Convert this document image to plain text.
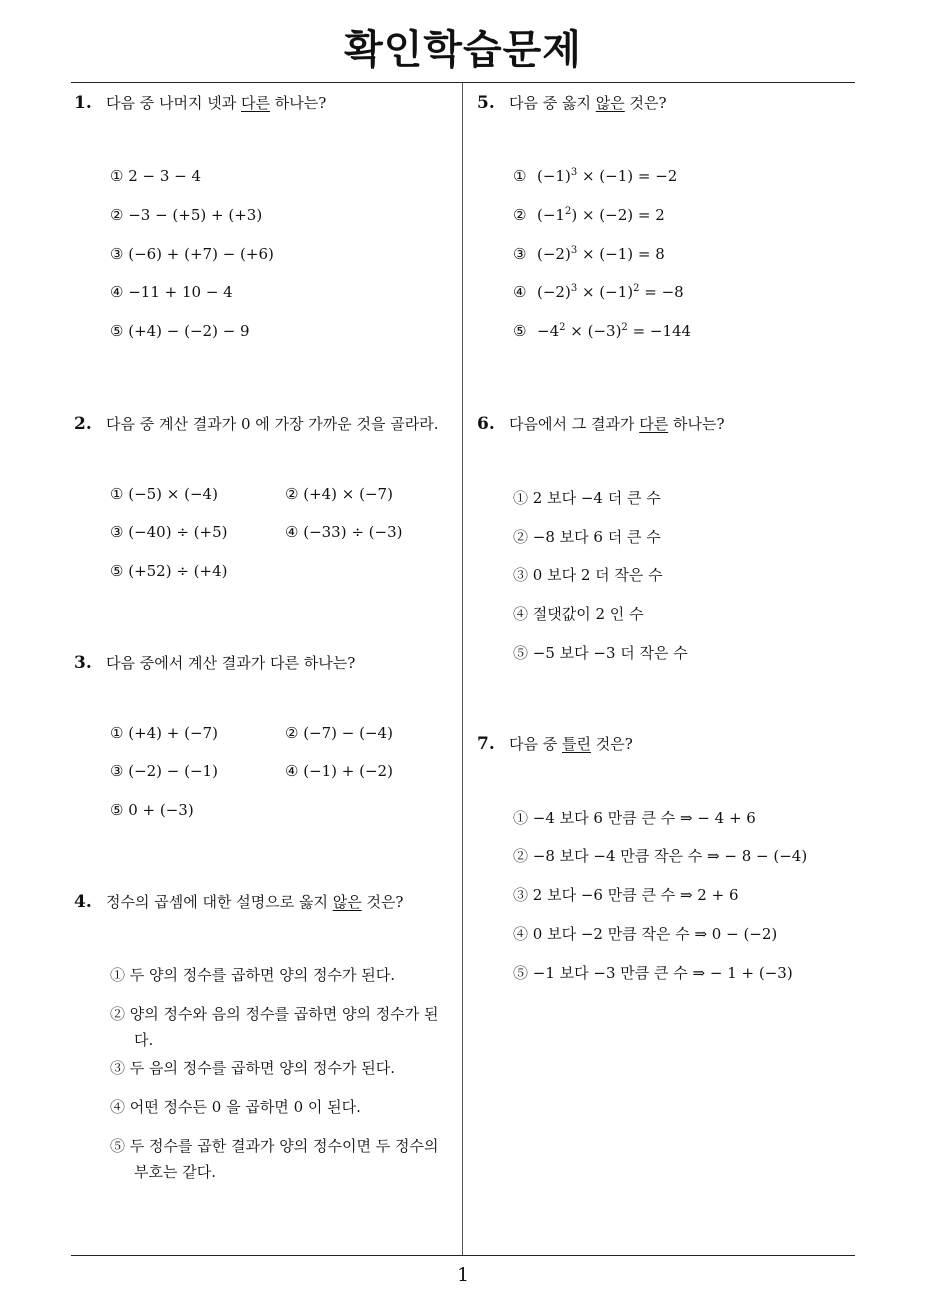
확인학습문제
1. 다음 중 나머지 넷과 다른 하나는?
① 2 − 3 − 4
② −3 − (+5) + (+3)
③ (−6) + (+7) − (+6)
④ −11 + 10 − 4
⑤ (+4) − (−2) − 9
2. 다음 중 계산 결과가 0 에 가장 가까운 것을 골라라.
① (−5) × (−4)	② (+4) × (−7)
③ (−40) ÷ (+5)	④ (−33) ÷ (−3)
⑤ (+52) ÷ (+4)
3. 다음 중에서 계산 결과가 다른 하나는?
① (+4) + (−7)	② (−7) − (−4)
③ (−2) − (−1)	④ (−1) + (−2)
⑤ 0 + (−3)
4. 정수의 곱셈에 대한 설명으로 옳지 않은 것은?
① 두 양의 정수를 곱하면 양의 정수가 된다.
② 양의 정수와 음의 정수를 곱하면 양의 정수가 된다.
③ 두 음의 정수를 곱하면 양의 정수가 된다.
④ 어떤 정수든 0 을 곱하면 0 이 된다.
⑤ 두 정수를 곱한 결과가 양의 정수이면 두 정수의 부호는 같다.
5. 다음 중 옳지 않은 것은?
① $(-1)^3 \times (-1) = -2$
② $(-1^2) \times (-2) = 2$
③ $(-2)^3 \times (-1) = 8$
④ $(-2)^3 \times (-1)^2 = -8$
⑤ $-4^2 \times (-3)^2 = -144$
6. 다음에서 그 결과가 다른 하나는?
① 2 보다 −4 더 큰 수
② −8 보다 6 더 큰 수
③ 0 보다 2 더 작은 수
④ 절댓값이 2 인 수
⑤ −5 보다 −3 더 작은 수
7. 다음 중 틀린 것은?
① −4 보다 6 만큼 큰 수 ⇒ − 4 + 6
② −8 보다 −4 만큼 작은 수 ⇒ − 8 − (−4)
③ 2 보다 −6 만큼 큰 수 ⇒ 2 + 6
④ 0 보다 −2 만큼 작은 수 ⇒ 0 − (−2)
⑤ −1 보다 −3 만큼 큰 수 ⇒ − 1 + (−3)
1
